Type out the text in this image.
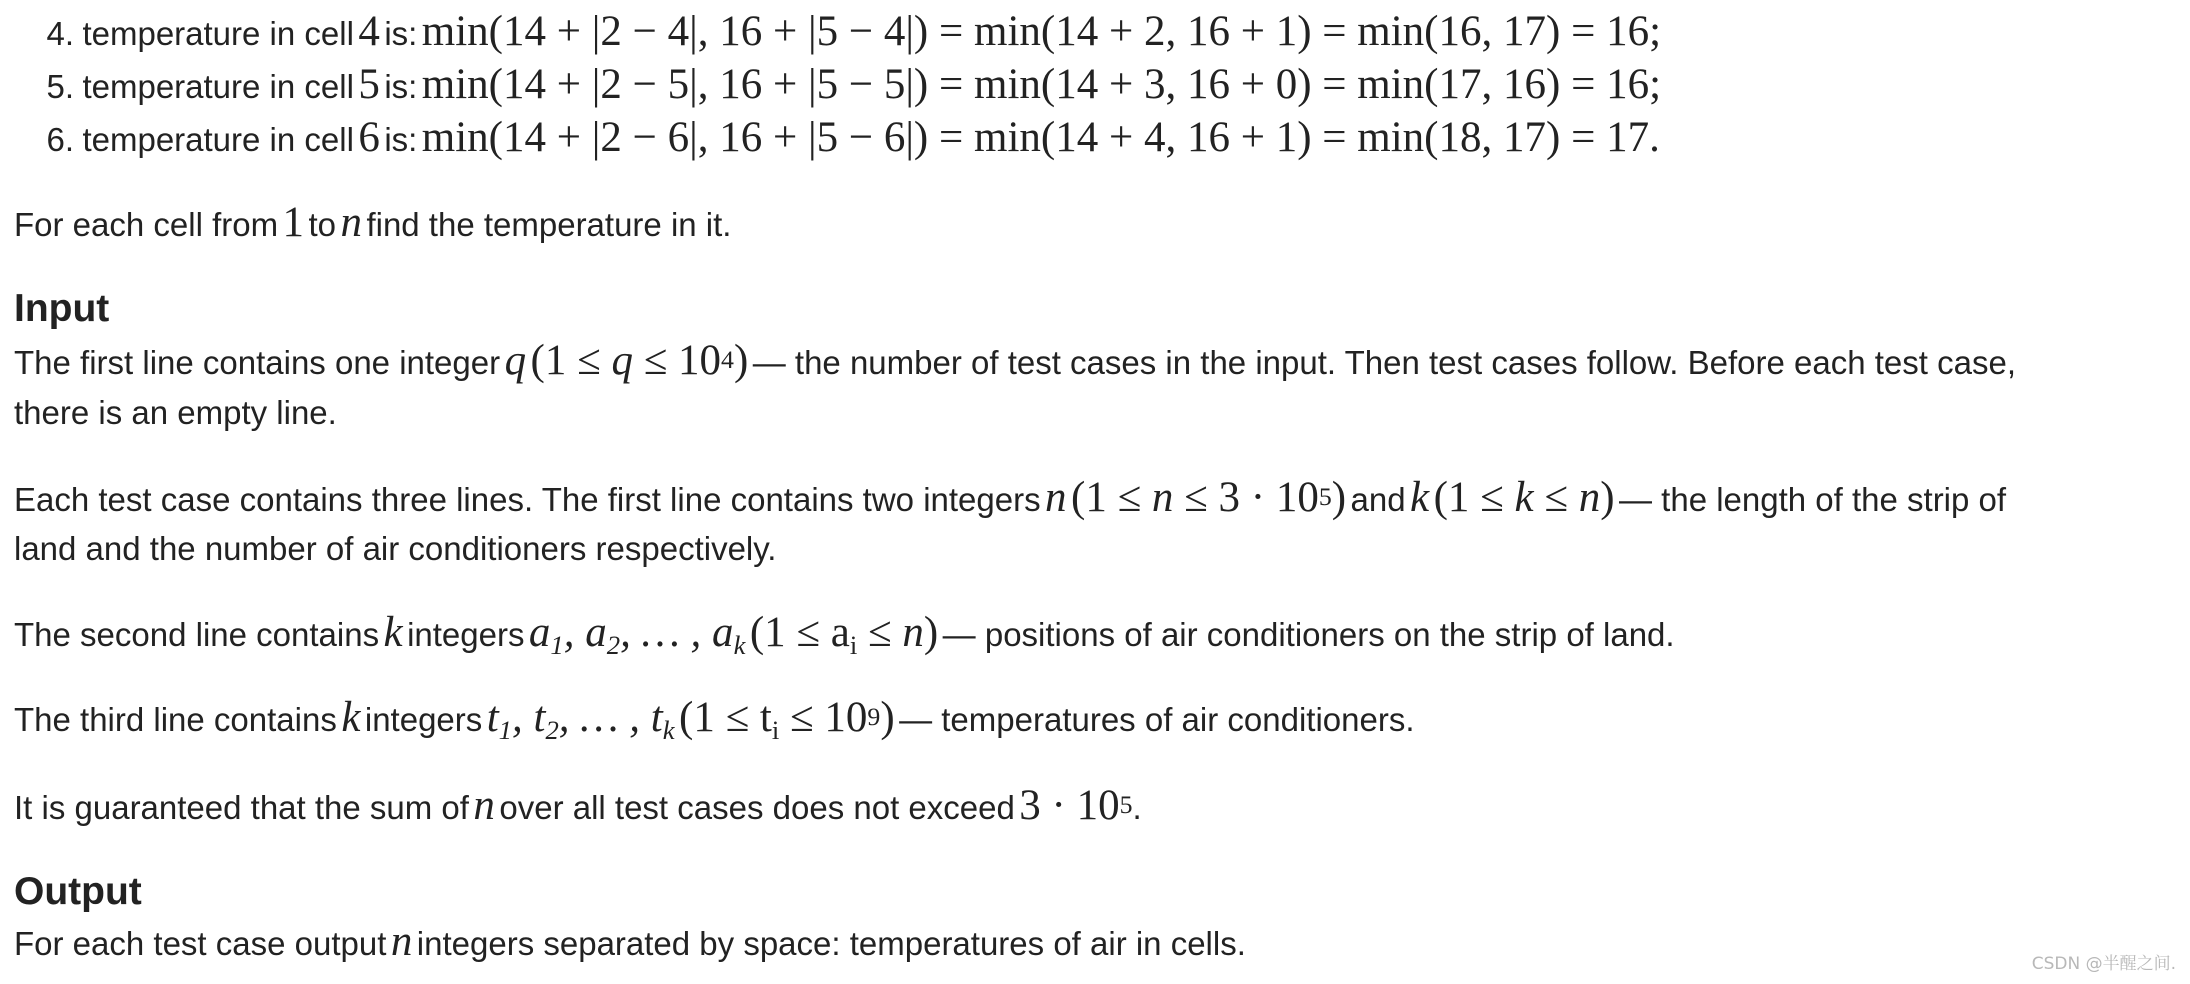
4. temperature in cell 4 is: min(14 + |2 − 4|, 16 + |5 − 4|) = min(14 + 2, 16 + 1) = min(16, 17) = 16;
5. temperature in cell 5 is: min(14 + |2 − 5|, 16 + |5 − 5|) = min(14 + 3, 16 + 0) = min(17, 16) = 16;
6. temperature in cell 6 is: min(14 + |2 − 6|, 16 + |5 − 6|) = min(14 + 4, 16 + 1) = min(18, 17) = 17.
For each cell from 1 to n find the temperature in it.
Input
The first line contains one integer q $(1 \le q \le 10^4)$ — the number of test cases in the input. Then test cases follow. Before each test case,
there is an empty line.
Each test case contains three lines. The first line contains two integers n $(1 \le n \le 3 \cdot 10^5)$ and k (1 ≤ k ≤ n) — the length of the strip of
land and the number of air conditioners respectively.
The second line contains k integers $a_1$, $a_2$, … , $a_k$ $(1 \le a_i \le n)$ — positions of air conditioners on the strip of land.
The third line contains k integers $t_1$, $t_2$, … , $t_k$ $(1 \le t_i \le 10^9)$ — temperatures of air conditioners.
It is guaranteed that the sum of n over all test cases does not exceed $3 \cdot 10^5$.
Output
For each test case output n integers separated by space: temperatures of air in cells.
CSDN @半醒之间.
